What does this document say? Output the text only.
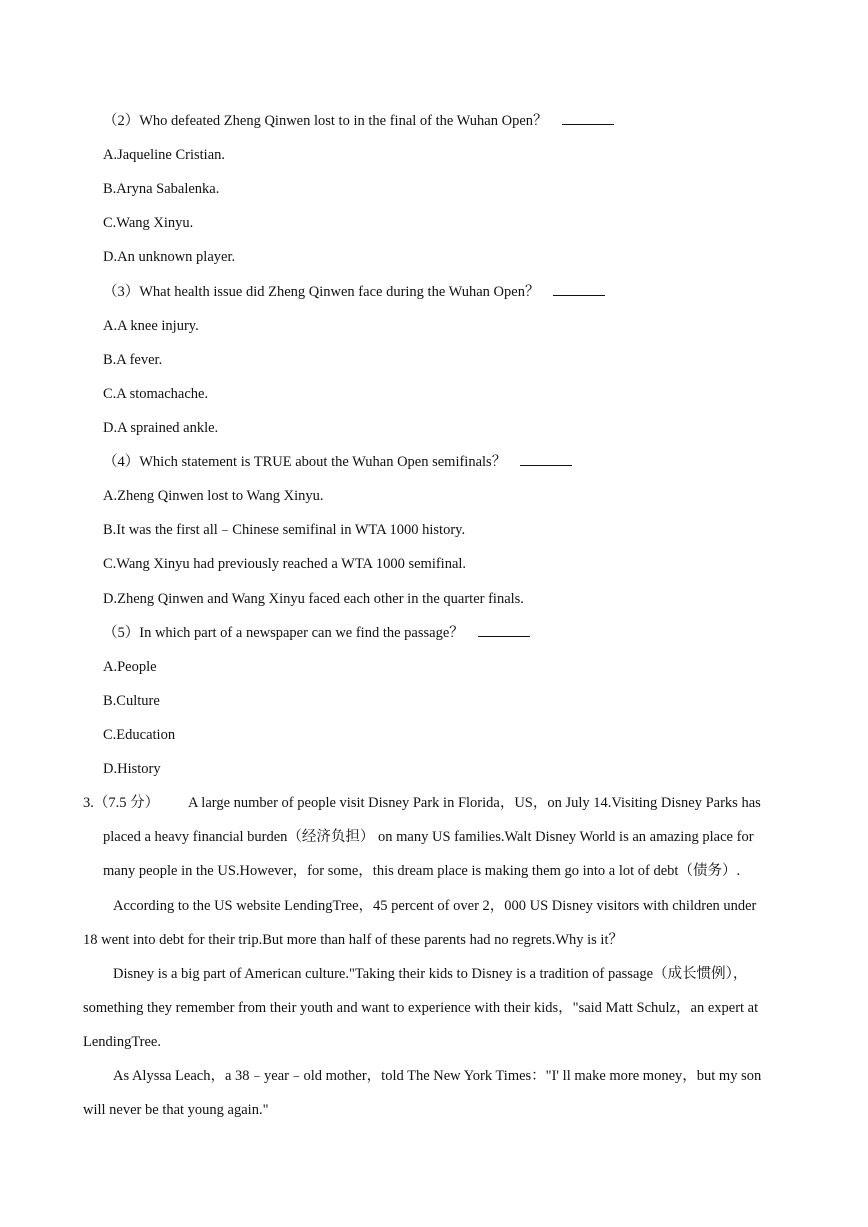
（2）Who defeated Zheng Qinwen lost to in the final of the Wuhan Open？
A.Jaqueline Cristian.
B.Aryna Sabalenka.
C.Wang Xinyu.
D.An unknown player.
（3）What health issue did Zheng Qinwen face during the Wuhan Open？
A.A knee injury.
B.A fever.
C.A stomachache.
D.A sprained ankle.
（4）Which statement is TRUE about the Wuhan Open semifinals？
A.Zheng Qinwen lost to Wang Xinyu.
B.It was the first all﹣Chinese semifinal in WTA 1000 history.
C.Wang Xinyu had previously reached a WTA 1000 semifinal.
D.Zheng Qinwen and Wang Xinyu faced each other in the quarter finals.
（5）In which part of a newspaper can we find the passage？
A.People
B.Culture
C.Education
D.History
3.（7.5 分） A large number of people visit Disney Park in Florida，US，on July 14.Visiting Disney Parks has
placed a heavy financial burden（经济负担） on many US families.Walt Disney World is an amazing place for
many people in the US.However，for some，this dream place is making them go into a lot of debt（债务）.
According to the US website LendingTree，45 percent of over 2，000 US Disney visitors with children under
18 went into debt for their trip.But more than half of these parents had no regrets.Why is it？
Disney is a big part of American culture."Taking their kids to Disney is a tradition of passage（成长惯例），
something they remember from their youth and want to experience with their kids，"said Matt Schulz，an expert at
LendingTree.
As Alyssa Leach，a 38﹣year﹣old mother，told The New York Times："I' ll make more money，but my son
will never be that young again."
